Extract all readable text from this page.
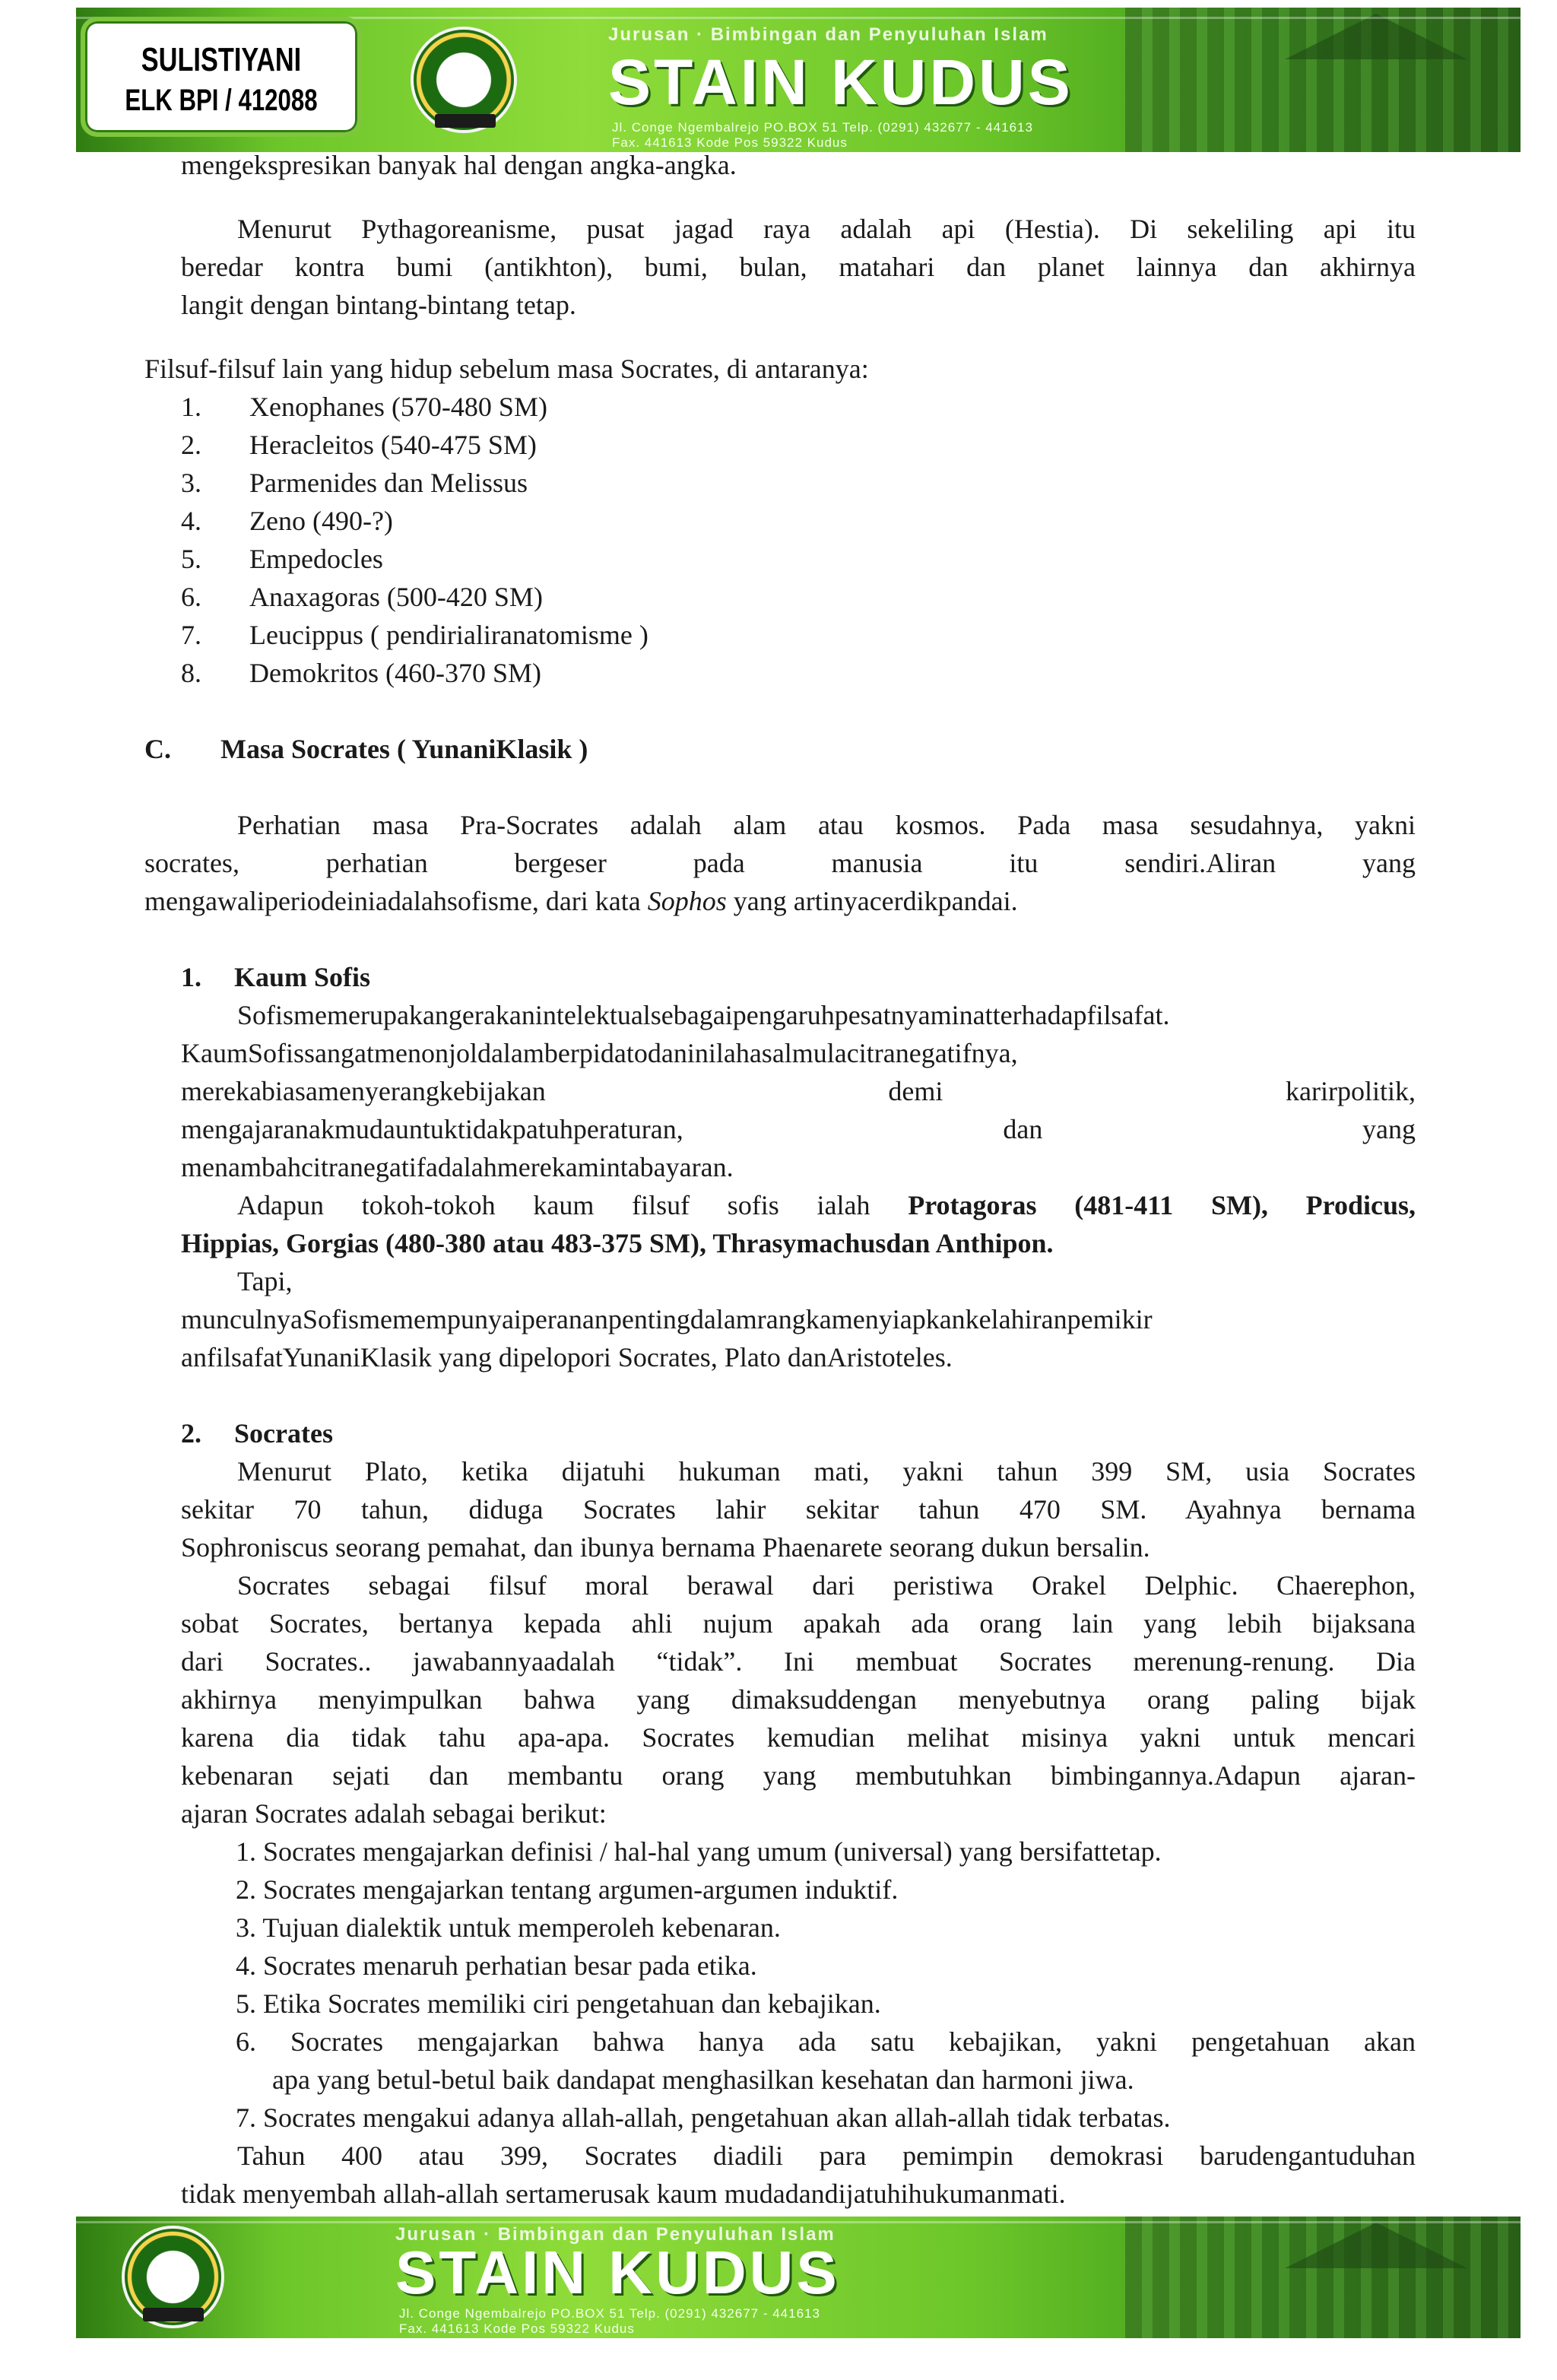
Jurusan · Bimbingan dan Penyuluhan Islam
STAIN KUDUS
Jl. Conge Ngembalrejo PO.BOX 51 Telp. (0291) 432677 - 441613
Fax. 441613 Kode Pos 59322 Kudus
SULISTIYANI
ELK BPI / 412088
mengekspresikan banyak hal dengan angka-angka.
Menurut Pythagoreanisme, pusat jagad raya adalah api (Hestia). Di sekeliling api itu
beredar kontra bumi (antikhton), bumi, bulan, matahari dan planet lainnya dan akhirnya
langit dengan bintang-bintang tetap.
Filsuf-filsuf lain yang hidup sebelum masa Socrates, di antaranya:
1. Xenophanes (570-480 SM)
2. Heracleitos (540-475 SM)
3. Parmenides dan Melissus
4. Zeno (490-?)
5. Empedocles
6. Anaxagoras (500-420 SM)
7. Leucippus ( pendirialiranatomisme )
8. Demokritos (460-370 SM)
C. Masa Socrates ( YunaniKlasik )
Perhatian masa Pra-Socrates adalah alam atau kosmos. Pada masa sesudahnya, yakni
socrates, perhatian bergeser pada manusia itu sendiri.Aliran yang
mengawaliperiodeiniadalahsofisme, dari kata Sophos yang artinyacerdikpandai.
1. Kaum Sofis
Sofismemerupakangerakanintelektualsebagaipengaruhpesatnyaminatterhadapfilsafat.
KaumSofissangatmenonjoldalamberpidatodaninilahasalmulacitranegatifnya,
merekabiasamenyerangkebijakan demi karirpolitik,
mengajaranakmudauntuktidakpatuhperaturan, dan yang
menambahcitranegatifadalahmerekamintabayaran.
Adapun tokoh-tokoh kaum filsuf sofis ialah Protagoras (481-411 SM), Prodicus,
Hippias, Gorgias (480-380 atau 483-375 SM), Thrasymachusdan Anthipon.
Tapi,
munculnyaSofismemempunyaiperananpentingdalamrangkamenyiapkankelahiranpemikir
anfilsafatYunaniKlasik yang dipelopori Socrates, Plato danAristoteles.
2. Socrates
Menurut Plato, ketika dijatuhi hukuman mati, yakni tahun 399 SM, usia Socrates
sekitar 70 tahun, diduga Socrates lahir sekitar tahun 470 SM. Ayahnya bernama
Sophroniscus seorang pemahat, dan ibunya bernama Phaenarete seorang dukun bersalin.
Socrates sebagai filsuf moral berawal dari peristiwa Orakel Delphic. Chaerephon,
sobat Socrates, bertanya kepada ahli nujum apakah ada orang lain yang lebih bijaksana
dari Socrates.. jawabannyaadalah “tidak”. Ini membuat Socrates merenung-renung. Dia
akhirnya menyimpulkan bahwa yang dimaksuddengan menyebutnya orang paling bijak
karena dia tidak tahu apa-apa. Socrates kemudian melihat misinya yakni untuk mencari
kebenaran sejati dan membantu orang yang membutuhkan bimbingannya.Adapun ajaran-
ajaran Socrates adalah sebagai berikut:
1. Socrates mengajarkan definisi / hal-hal yang umum (universal) yang bersifattetap.
2. Socrates mengajarkan tentang argumen-argumen induktif.
3. Tujuan dialektik untuk memperoleh kebenaran.
4. Socrates menaruh perhatian besar pada etika.
5. Etika Socrates memiliki ciri pengetahuan dan kebajikan.
6. Socrates mengajarkan bahwa hanya ada satu kebajikan, yakni pengetahuan akan
apa yang betul-betul baik dandapat menghasilkan kesehatan dan harmoni jiwa.
7. Socrates mengakui adanya allah-allah, pengetahuan akan allah-allah tidak terbatas.
Tahun 400 atau 399, Socrates diadili para pemimpin demokrasi barudengantuduhan
tidak menyembah allah-allah sertamerusak kaum mudadandijatuhihukumanmati.
Jurusan · Bimbingan dan Penyuluhan Islam
STAIN KUDUS
Jl. Conge Ngembalrejo PO.BOX 51 Telp. (0291) 432677 - 441613
Fax. 441613 Kode Pos 59322 Kudus
